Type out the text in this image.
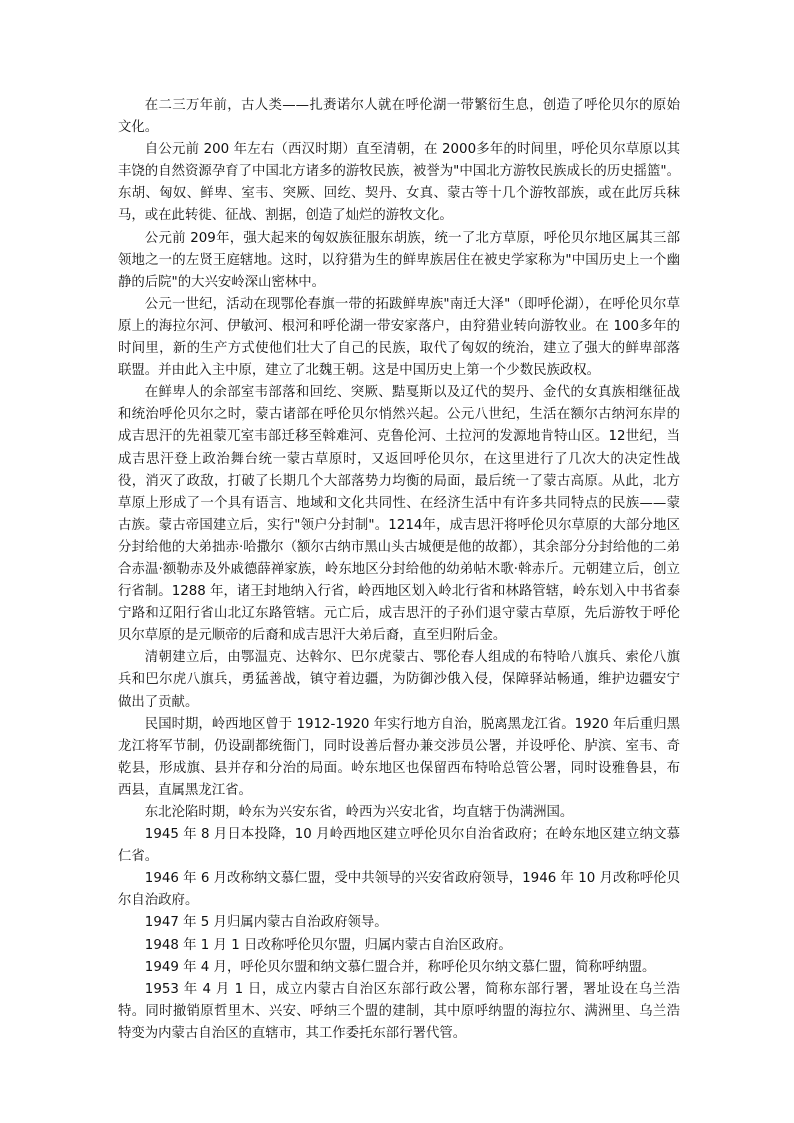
在二三万年前，古人类——扎赉诺尔人就在呼伦湖一带繁衍生息，创造了呼伦贝尔的原始文化。

自公元前 200 年左右（西汉时期）直至清朝，在 2000多年的时间里，呼伦贝尔草原以其丰饶的自然资源孕育了中国北方诸多的游牧民族，被誉为"中国北方游牧民族成长的历史摇篮"。东胡、匈奴、鲜卑、室韦、突厥、回纥、契丹、女真、蒙古等十几个游牧部族，或在此厉兵秣马，或在此转徙、征战、割据，创造了灿烂的游牧文化。

公元前 209年，强大起来的匈奴族征服东胡族，统一了北方草原，呼伦贝尔地区属其三部领地之一的左贤王庭辖地。这时，以狩猎为生的鲜卑族居住在被史学家称为"中国历史上一个幽静的后院"的大兴安岭深山密林中。

公元一世纪，活动在现鄂伦春旗一带的拓跋鲜卑族"南迁大泽"（即呼伦湖），在呼伦贝尔草原上的海拉尔河、伊敏河、根河和呼伦湖一带安家落户，由狩猎业转向游牧业。在 100多年的时间里，新的生产方式使他们壮大了自己的民族，取代了匈奴的统治，建立了强大的鲜卑部落联盟。并由此入主中原，建立了北魏王朝。这是中国历史上第一个少数民族政权。

在鲜卑人的余部室韦部落和回纥、突厥、黠戛斯以及辽代的契丹、金代的女真族相继征战和统治呼伦贝尔之时，蒙古诸部在呼伦贝尔悄然兴起。公元八世纪，生活在额尔古纳河东岸的成吉思汗的先祖蒙兀室韦部迁移至斡难河、克鲁伦河、土拉河的发源地肯特山区。12世纪，当成吉思汗登上政治舞台统一蒙古草原时，又返回呼伦贝尔，在这里进行了几次大的决定性战役，消灭了政敌，打破了长期几个大部落势力均衡的局面，最后统一了蒙古高原。从此，北方草原上形成了一个具有语言、地域和文化共同性、在经济生活中有许多共同特点的民族——蒙古族。蒙古帝国建立后，实行"领户分封制"。1214年，成吉思汗将呼伦贝尔草原的大部分地区分封给他的大弟拙赤·哈撒尔（额尔古纳市黑山头古城便是他的故都），其余部分分封给他的二弟合赤温·额勒赤及外戚德薛禅家族，岭东地区分封给他的幼弟帖木歌·斡赤斤。元朝建立后，创立行省制。1288 年，诸王封地纳入行省，岭西地区划入岭北行省和林路管辖，岭东划入中书省泰宁路和辽阳行省山北辽东路管辖。元亡后，成吉思汗的子孙们退守蒙古草原，先后游牧于呼伦贝尔草原的是元顺帝的后裔和成吉思汗大弟后裔，直至归附后金。

清朝建立后，由鄂温克、达斡尔、巴尔虎蒙古、鄂伦春人组成的布特哈八旗兵、索伦八旗兵和巴尔虎八旗兵，勇猛善战，镇守着边疆，为防御沙俄入侵，保障驿站畅通，维护边疆安宁做出了贡献。

民国时期，岭西地区曾于 1912-1920 年实行地方自治，脱离黑龙江省。1920 年后重归黑龙江将军节制，仍设副都统衙门，同时设善后督办兼交涉员公署，并设呼伦、胪滨、室韦、奇乾县，形成旗、县并存和分治的局面。岭东地区也保留西布特哈总管公署，同时设雅鲁县，布西县，直属黑龙江省。

东北沦陷时期，岭东为兴安东省，岭西为兴安北省，均直辖于伪满洲国。

1945 年 8 月日本投降，10 月岭西地区建立呼伦贝尔自治省政府；在岭东地区建立纳文慕仁省。

1946 年 6 月改称纳文慕仁盟，受中共领导的兴安省政府领导，1946 年 10 月改称呼伦贝尔自治政府。

1947 年 5 月归属内蒙古自治政府领导。

1948 年 1 月 1 日改称呼伦贝尔盟，归属内蒙古自治区政府。

1949 年 4 月，呼伦贝尔盟和纳文慕仁盟合并，称呼伦贝尔纳文慕仁盟，简称呼纳盟。

1953 年 4 月 1 日，成立内蒙古自治区东部行政公署，简称东部行署，署址设在乌兰浩特。同时撤销原哲里木、兴安、呼纳三个盟的建制，其中原呼纳盟的海拉尔、满洲里、乌兰浩特变为内蒙古自治区的直辖市，其工作委托东部行署代管。
